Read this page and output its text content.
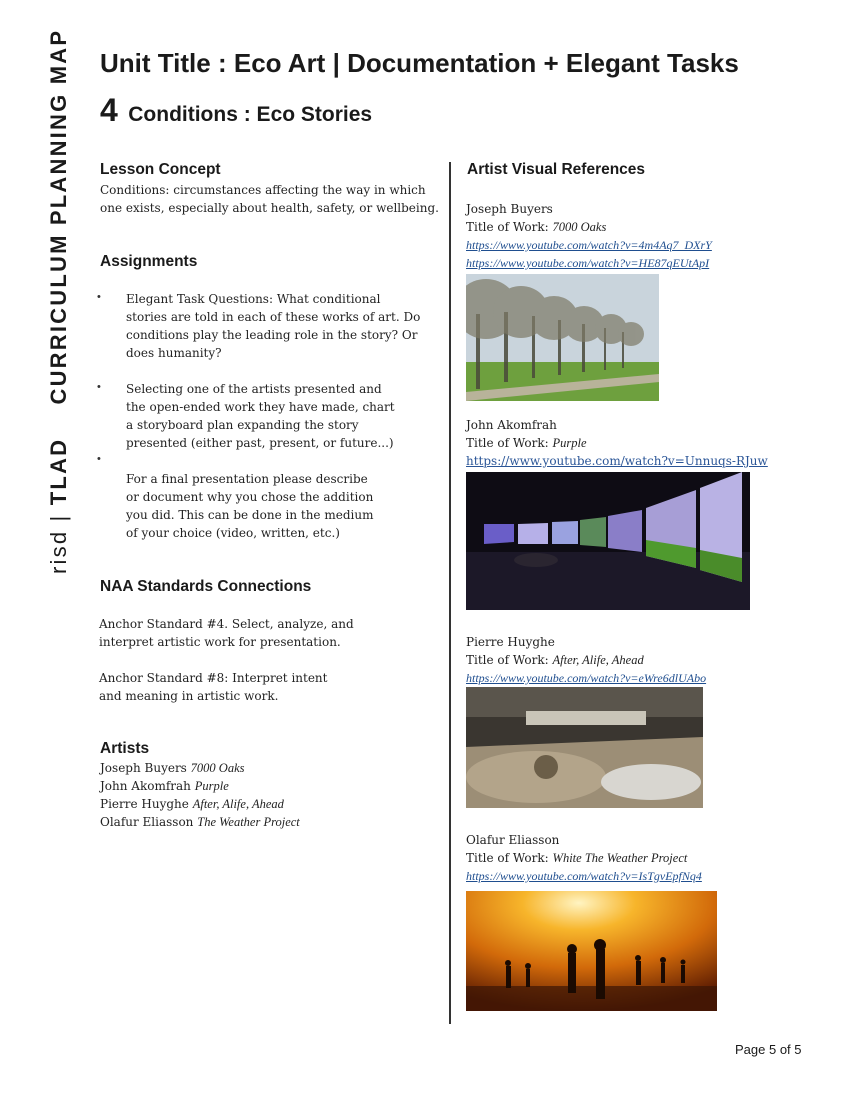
risd | TLAD    CURRICULUM PLANNING MAP Unit Title : Eco Art | Documentation + Elegant Tasks
4 Conditions : Eco Stories
Lesson Concept
Conditions: circumstances affecting the way in which
one exists, especially about health, safety, or wellbeing.
Assignments
• Elegant Task Questions: What conditional
stories are told in each of these works of art. Do
conditions play the leading role in the story? Or
does humanity?
• Selecting one of the artists presented and
the open-ended work they have made, chart
a storyboard plan expanding the story
presented (either past, present, or future...)
•
For a final presentation please describe
or document why you chose the addition
you did. This can be done in the medium
of your choice (video, written, etc.)
NAA Standards Connections
Anchor Standard #4. Select, analyze, and
interpret artistic work for presentation.
Anchor Standard #8: Interpret intent
and meaning in artistic work.
Artists
Joseph Buyers 7000 Oaks
John Akomfrah Purple
Pierre Huyghe After, Alife, Ahead
Olafur Eliasson The Weather Project
Artist Visual References
Joseph Buyers
Title of Work: 7000 Oaks
https://www.youtube.com/watch?v=4m4Aq7_DXrY
https://www.youtube.com/watch?v=HE87qEUtApI
John Akomfrah
Title of Work: Purple
https://www.youtube.com/watch?v=Unnuqs-RJuw
Pierre Huyghe
Title of Work: After, Alife, Ahead
https://www.youtube.com/watch?v=eWre6dlUAbo
Olafur Eliasson
Title of Work: White The Weather Project
https://www.youtube.com/watch?v=IsTgvEpfNq4
Page 5 of 5
